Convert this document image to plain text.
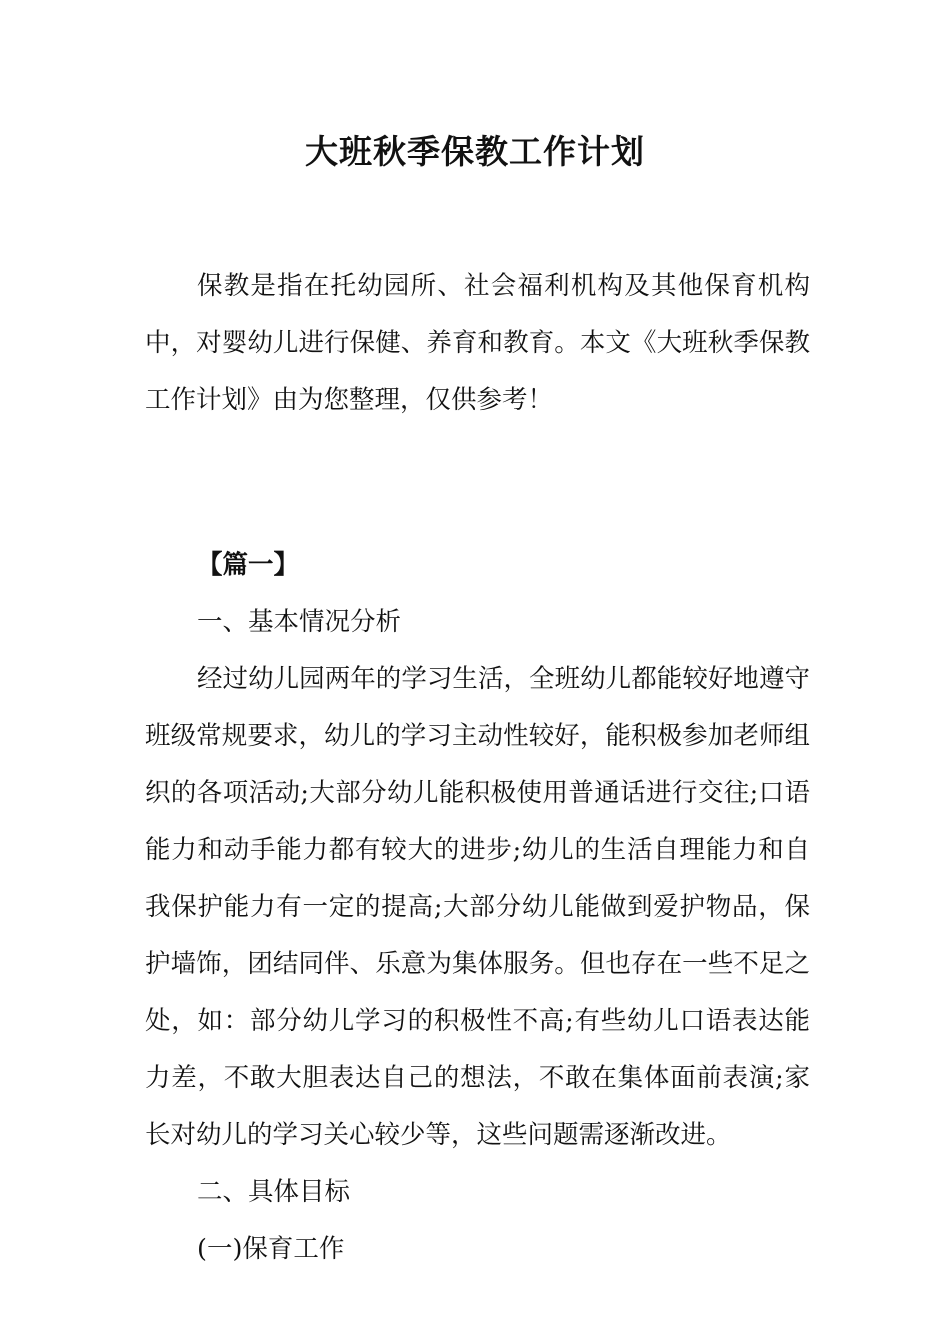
大班秋季保教工作计划

保教是指在托幼园所、社会福利机构及其他保育机构中，对婴幼儿进行保健、养育和教育。本文《大班秋季保教工作计划》由为您整理，仅供参考！

【篇一】

一、基本情况分析

经过幼儿园两年的学习生活，全班幼儿都能较好地遵守班级常规要求，幼儿的学习主动性较好，能积极参加老师组织的各项活动;大部分幼儿能积极使用普通话进行交往;口语能力和动手能力都有较大的进步;幼儿的生活自理能力和自我保护能力有一定的提高;大部分幼儿能做到爱护物品，保护墙饰，团结同伴、乐意为集体服务。但也存在一些不足之处，如：部分幼儿学习的积极性不高;有些幼儿口语表达能力差，不敢大胆表达自己的想法，不敢在集体面前表演;家长对幼儿的学习关心较少等，这些问题需逐渐改进。

二、具体目标

(一)保育工作
